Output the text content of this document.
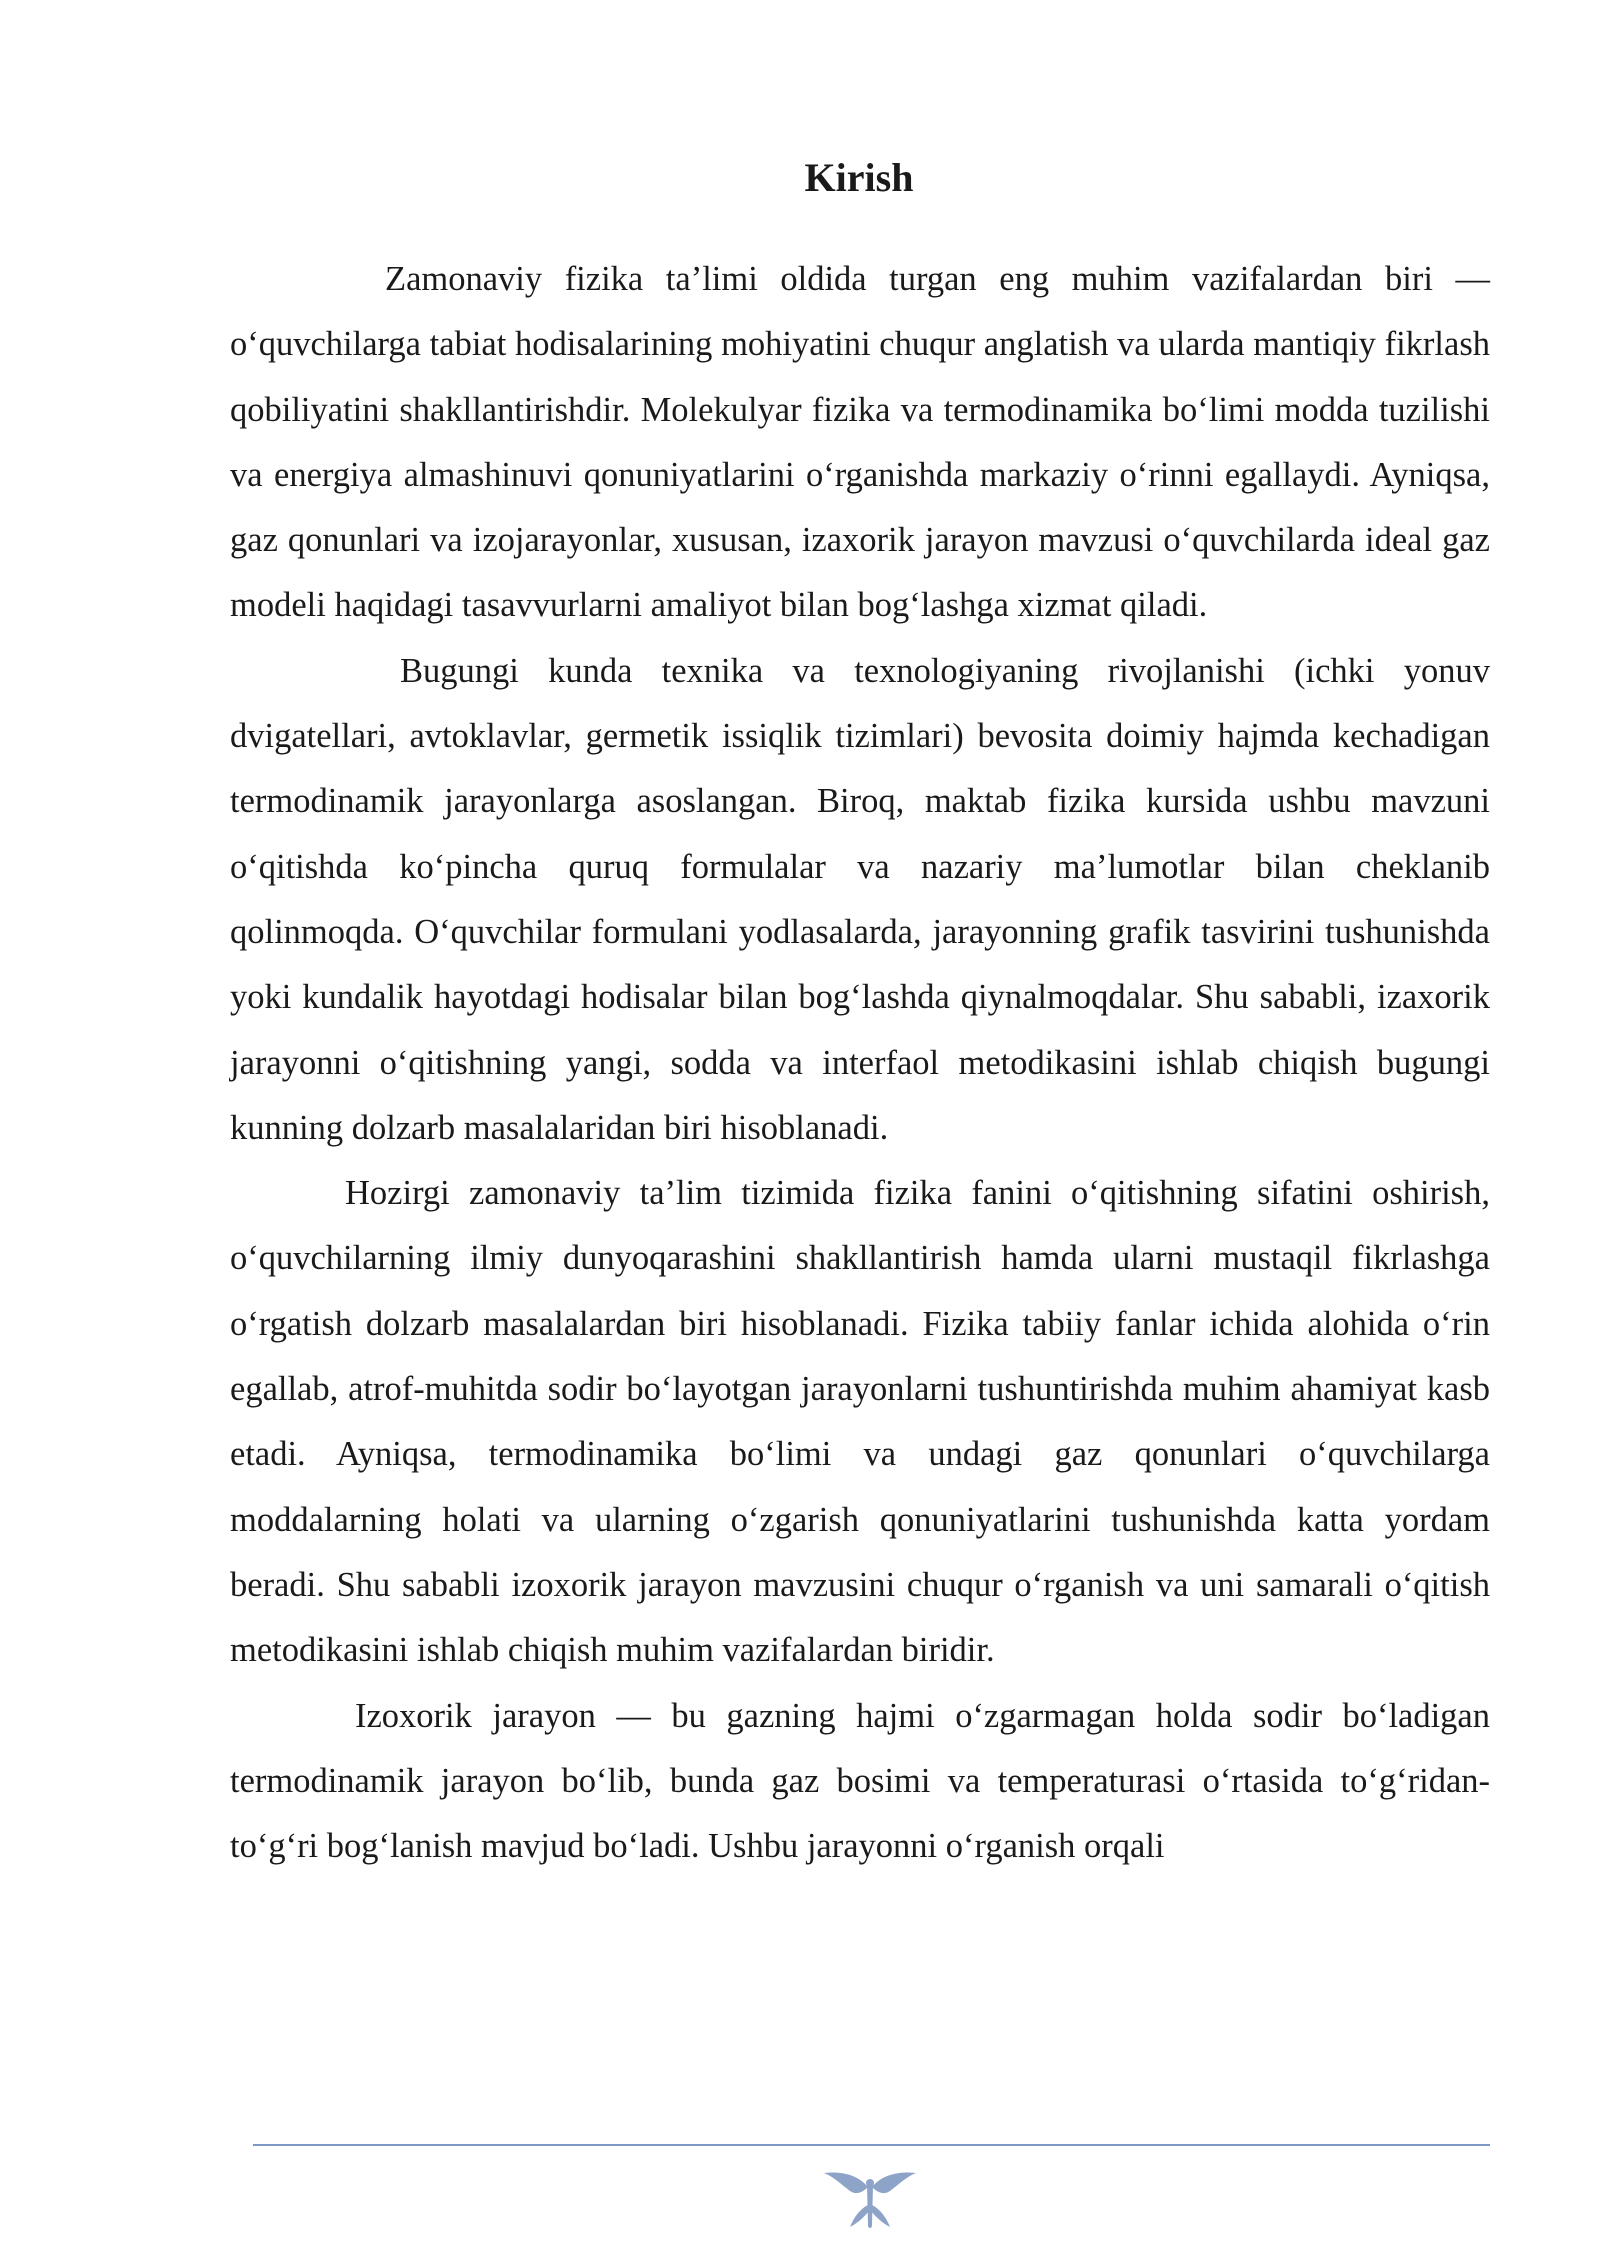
Kirish

Zamonaviy fizika ta’limi oldida turgan eng muhim vazifalardan biri — o‘quvchilarga tabiat hodisalarining mohiyatini chuqur anglatish va ularda mantiqiy fikrlash qobiliyatini shakllantirishdir. Molekulyar fizika va termodinamika bo‘limi modda tuzilishi va energiya almashinuvi qonuniyatlarini o‘rganishda markaziy o‘rinni egallaydi. Ayniqsa, gaz qonunlari va izojarayonlar, xususan, izaxorik jarayon mavzusi o‘quvchilarda ideal gaz modeli haqidagi tasavvurlarni amaliyot bilan bog‘lashga xizmat qiladi.

Bugungi kunda texnika va texnologiyaning rivojlanishi (ichki yonuv dvigatellari, avtoklavlar, germetik issiqlik tizimlari) bevosita doimiy hajmda kechadigan termodinamik jarayonlarga asoslangan. Biroq, maktab fizika kursida ushbu mavzuni o‘qitishda ko‘pincha quruq formulalar va nazariy ma’lumotlar bilan cheklanib qolinmoqda. O‘quvchilar formulani yodlasalarda, jarayonning grafik tasvirini tushunishda yoki kundalik hayotdagi hodisalar bilan bog‘lashda qiynalmoqdalar. Shu sababli, izaxorik jarayonni o‘qitishning yangi, sodda va interfaol metodikasini ishlab chiqish bugungi kunning dolzarb masalalaridan biri hisoblanadi.

Hozirgi zamonaviy ta’lim tizimida fizika fanini o‘qitishning sifatini oshirish, o‘quvchilarning ilmiy dunyoqarashini shakllantirish hamda ularni mustaqil fikrlashga o‘rgatish dolzarb masalalardan biri hisoblanadi. Fizika tabiiy fanlar ichida alohida o‘rin egallab, atrof-muhitda sodir bo‘layotgan jarayonlarni tushuntirishda muhim ahamiyat kasb etadi. Ayniqsa, termodinamika bo‘limi va undagi gaz qonunlari o‘quvchilarga moddalarning holati va ularning o‘zgarish qonuniyatlarini tushunishda katta yordam beradi. Shu sababli izoxorik jarayon mavzusini chuqur o‘rganish va uni samarali o‘qitish metodikasini ishlab chiqish muhim vazifalardan biridir.

Izoxorik jarayon — bu gazning hajmi o‘zgarmagan holda sodir bo‘ladigan termodinamik jarayon bo‘lib, bunda gaz bosimi va temperaturasi o‘rtasida to‘g‘ridan-to‘g‘ri bog‘lanish mavjud bo‘ladi. Ushbu jarayonni o‘rganish orqali
